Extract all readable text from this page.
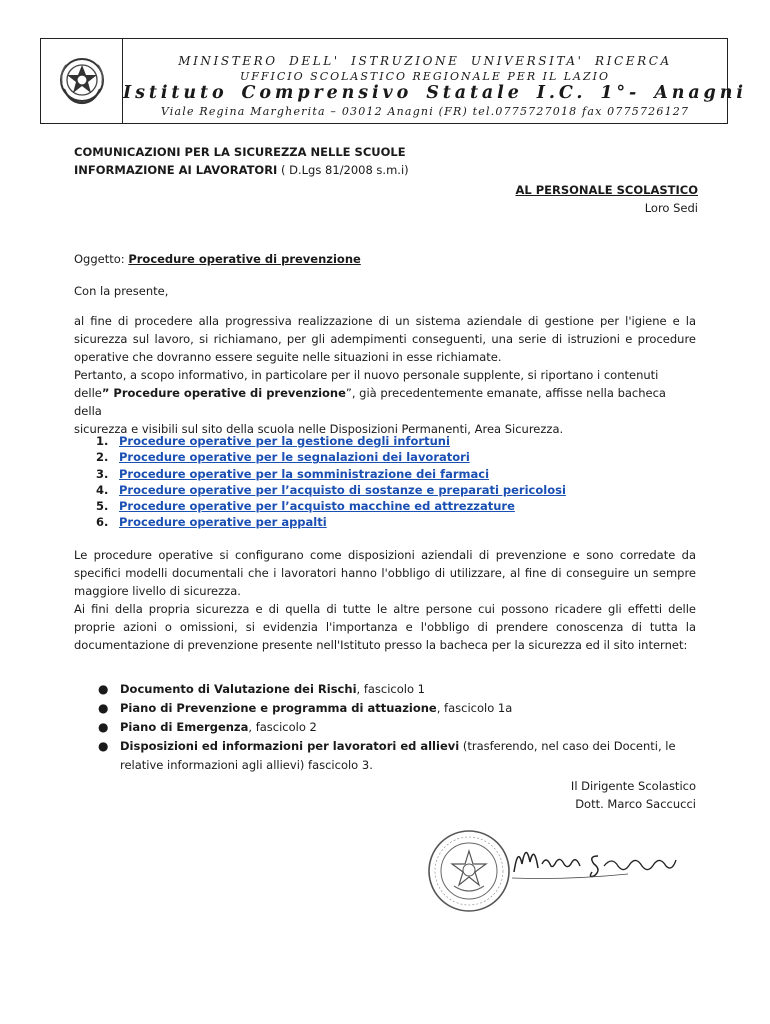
MINISTERO DELL' ISTRUZIONE UNIVERSITA' RICERCA
UFFICIO SCOLASTICO REGIONALE PER IL LAZIO
Istituto Comprensivo Statale I.C. 1°- Anagni
Viale Regina Margherita – 03012 Anagni (FR) tel.0775727018 fax 0775726127
COMUNICAZIONI PER LA SICUREZZA NELLE SCUOLE
INFORMAZIONE AI LAVORATORI ( D.Lgs 81/2008 s.m.i)
AL PERSONALE SCOLASTICO
Loro Sedi
Oggetto: Procedure operative di prevenzione
Con la presente,
al fine di procedere alla progressiva realizzazione di un sistema aziendale di gestione per l'igiene e la
sicurezza sul lavoro, si richiamano, per gli adempimenti conseguenti, una serie di istruzioni e procedure
operative che dovranno essere seguite nelle situazioni in esse richiamate.
Pertanto, a scopo informativo, in particolare per il nuovo personale supplente, si riportano i contenuti
delle” Procedure operative di prevenzione”, già precedentemente emanate, affisse nella bacheca della
sicurezza e visibili sul sito della scuola nelle Disposizioni Permanenti, Area Sicurezza.
1. Procedure operative per la gestione degli infortuni
2. Procedure operative per le segnalazioni dei lavoratori
3. Procedure operative per la somministrazione dei farmaci
4. Procedure operative per l’acquisto di sostanze e preparati pericolosi
5. Procedure operative per l’acquisto macchine ed attrezzature
6. Procedure operative per appalti
Le procedure operative si configurano come disposizioni aziendali di prevenzione e sono corredate da
specifici modelli documentali che i lavoratori hanno l'obbligo di utilizzare, al fine di conseguire un sempre
maggiore livello di sicurezza.
Ai fini della propria sicurezza e di quella di tutte le altre persone cui possono ricadere gli effetti delle
proprie azioni o omissioni, si evidenzia l'importanza e l'obbligo di prendere conoscenza di tutta la
documentazione di prevenzione presente nell'Istituto presso la bacheca per la sicurezza ed il sito internet:
● Documento di Valutazione dei Rischi, fascicolo 1
● Piano di Prevenzione e programma di attuazione, fascicolo 1a
● Piano di Emergenza, fascicolo 2
● Disposizioni ed informazioni per lavoratori ed allievi (trasferendo, nel caso dei Docenti, le relative informazioni agli allievi) fascicolo 3.
Il Dirigente Scolastico
Dott. Marco Saccucci
